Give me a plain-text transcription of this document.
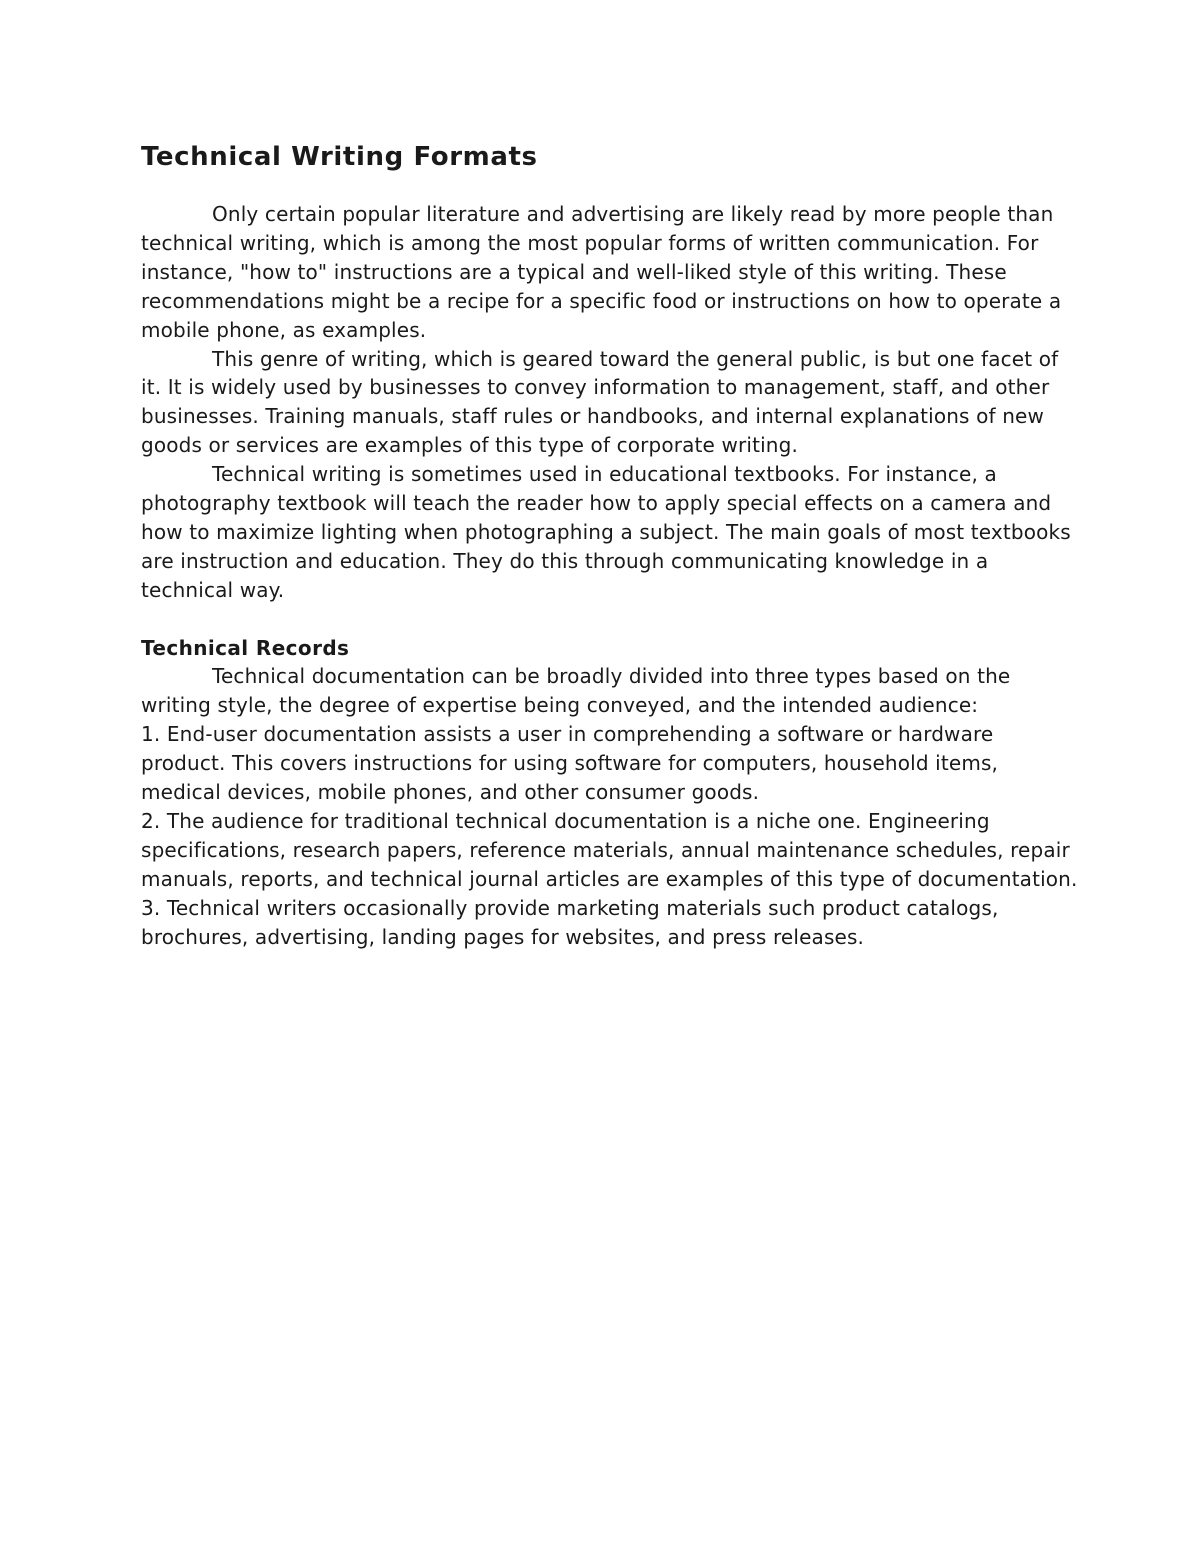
Technical Writing Formats

Only certain popular literature and advertising are likely read by more people than technical writing, which is among the most popular forms of written communication. For instance, "how to" instructions are a typical and well-liked style of this writing. These recommendations might be a recipe for a specific food or instructions on how to operate a mobile phone, as examples.

This genre of writing, which is geared toward the general public, is but one facet of it. It is widely used by businesses to convey information to management, staff, and other businesses. Training manuals, staff rules or handbooks, and internal explanations of new goods or services are examples of this type of corporate writing.

Technical writing is sometimes used in educational textbooks. For instance, a photography textbook will teach the reader how to apply special effects on a camera and how to maximize lighting when photographing a subject. The main goals of most textbooks are instruction and education. They do this through communicating knowledge in a technical way.

Technical Records

Technical documentation can be broadly divided into three types based on the writing style, the degree of expertise being conveyed, and the intended audience:

1. End-user documentation assists a user in comprehending a software or hardware product. This covers instructions for using software for computers, household items, medical devices, mobile phones, and other consumer goods.

2. The audience for traditional technical documentation is a niche one. Engineering specifications, research papers, reference materials, annual maintenance schedules, repair manuals, reports, and technical journal articles are examples of this type of documentation.

3. Technical writers occasionally provide marketing materials such product catalogs, brochures, advertising, landing pages for websites, and press releases.
